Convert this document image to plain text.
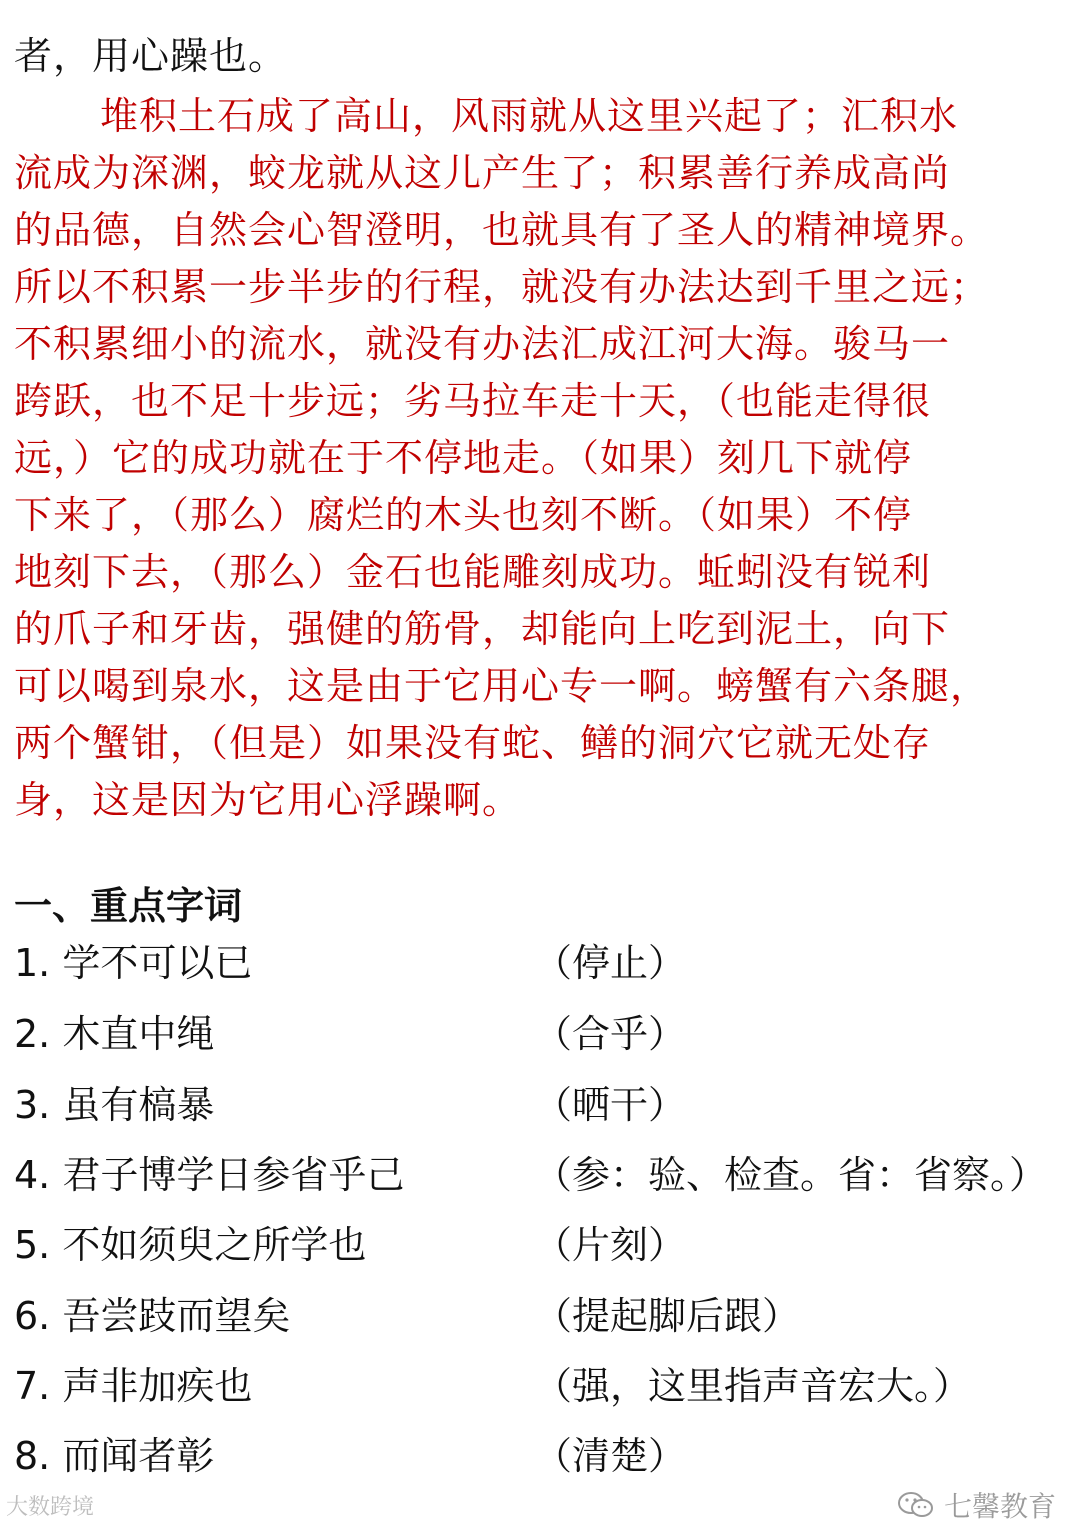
者，用心躁也。
堆积土石成了高山，风雨就从这里兴起了；汇积水
流成为深渊，蛟龙就从这儿产生了；积累善行养成高尚
的品德，自然会心智澄明，也就具有了圣人的精神境界。
所以不积累一步半步的行程，就没有办法达到千里之远；
不积累细小的流水，就没有办法汇成江河大海。骏马一
跨跃，也不足十步远；劣马拉车走十天，（也能走得很
远，）它的成功就在于不停地走。（如果）刻几下就停
下来了，（那么）腐烂的木头也刻不断。（如果）不停
地刻下去，（那么）金石也能雕刻成功。蚯蚓没有锐利
的爪子和牙齿，强健的筋骨，却能向上吃到泥土，向下
可以喝到泉水，这是由于它用心专一啊。螃蟹有六条腿，
两个蟹钳，（但是）如果没有蛇、鳝的洞穴它就无处存
身，这是因为它用心浮躁啊。
一、重点字词
1. 学不可以已	（停止）
2. 木直中绳	（合乎）
3. 虽有槁暴	（晒干）
4. 君子博学日参省乎己	（参：验、检查。省：省察。）
5. 不如须臾之所学也	（片刻）
6. 吾尝跂而望矣	（提起脚后跟）
7. 声非加疾也	（强，这里指声音宏大。）
8. 而闻者彰	（清楚）
大数跨境	七馨教育
